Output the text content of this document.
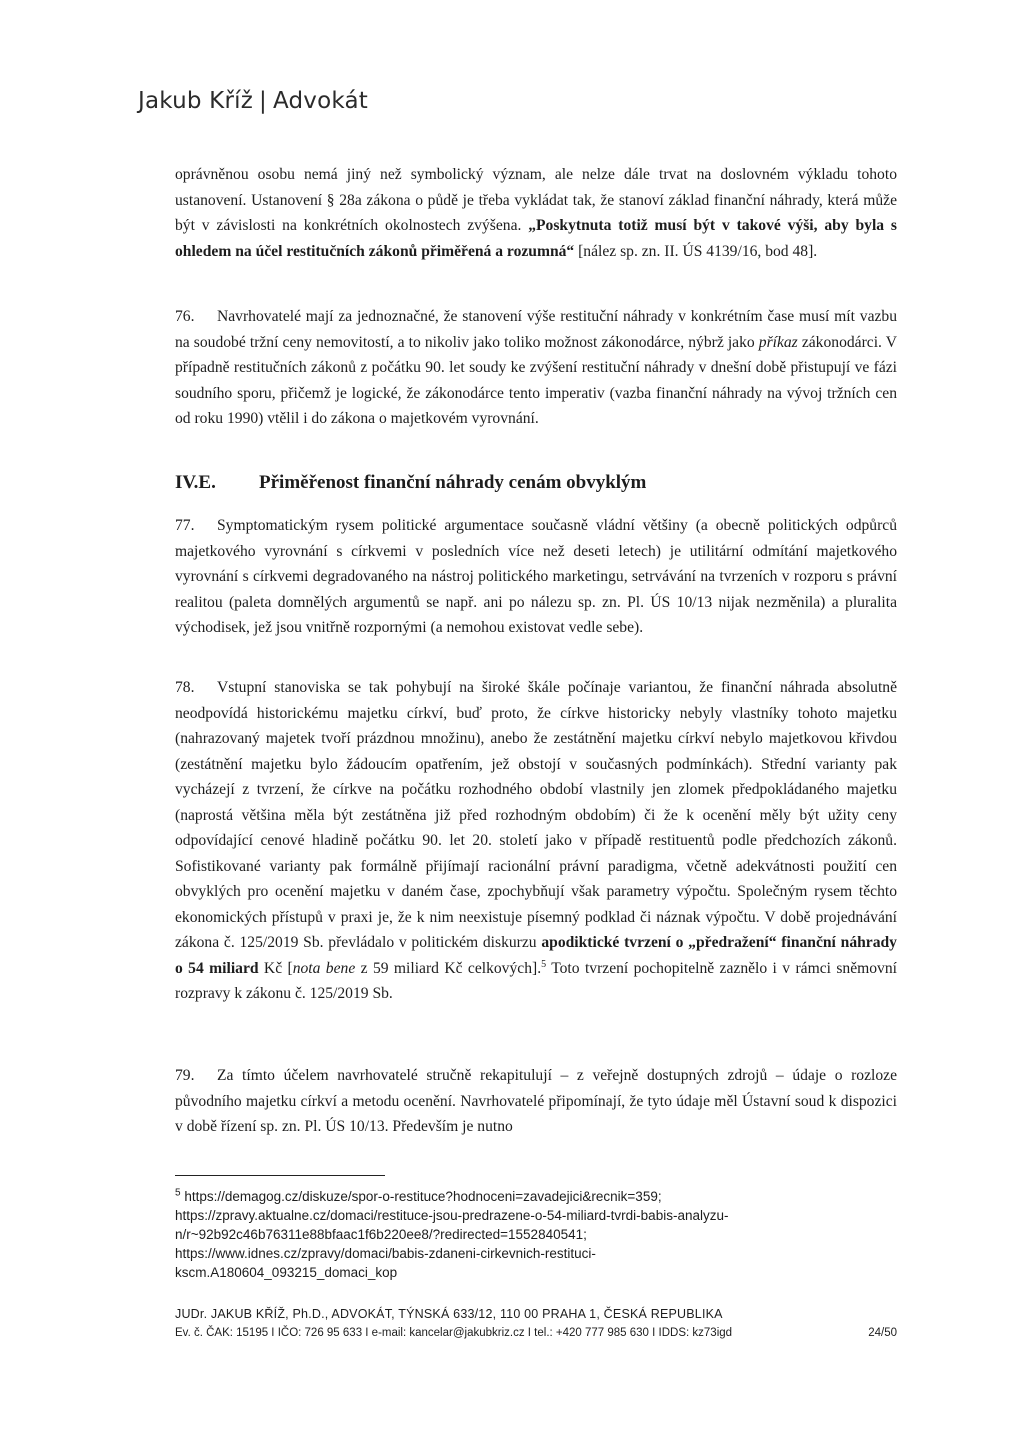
Jakub Kříž | Advokát

oprávněnou osobu nemá jiný než symbolický význam, ale nelze dále trvat na doslovném výkladu tohoto ustanovení. Ustanovení § 28a zákona o půdě je třeba vykládat tak, že stanoví základ finanční náhrady, která může být v závislosti na konkrétních okolnostech zvýšena. „Poskytnuta totiž musí být v takové výši, aby byla s ohledem na účel restitučních zákonů přiměřená a rozumná“ [nález sp. zn. II. ÚS 4139/16, bod 48].

76. Navrhovatelé mají za jednoznačné, že stanovení výše restituční náhrady v konkrétním čase musí mít vazbu na soudobé tržní ceny nemovitostí, a to nikoliv jako toliko možnost zákonodárce, nýbrž jako příkaz zákonodárci. V případně restitučních zákonů z počátku 90. let soudy ke zvýšení restituční náhrady v dnešní době přistupují ve fázi soudního sporu, přičemž je logické, že zákonodárce tento imperativ (vazba finanční náhrady na vývoj tržních cen od roku 1990) vtělil i do zákona o majetkovém vyrovnání.

IV.E. Přiměřenost finanční náhrady cenám obvyklým

77. Symptomatickým rysem politické argumentace současně vládní většiny (a obecně politických odpůrců majetkového vyrovnání s církvemi v posledních více než deseti letech) je utilitární odmítání majetkového vyrovnání s církvemi degradovaného na nástroj politického marketingu, setrvávání na tvrzeních v rozporu s právní realitou (paleta domnělých argumentů se např. ani po nálezu sp. zn. Pl. ÚS 10/13 nijak nezměnila) a pluralita východisek, jež jsou vnitřně rozpornými (a nemohou existovat vedle sebe).

78. Vstupní stanoviska se tak pohybují na široké škále počínaje variantou, že finanční náhrada absolutně neodpovídá historickému majetku církví, buď proto, že církve historicky nebyly vlastníky tohoto majetku (nahrazovaný majetek tvoří prázdnou množinu), anebo že zestátnění majetku církví nebylo majetkovou křivdou (zestátnění majetku bylo žádoucím opatřením, jež obstojí v současných podmínkách). Střední varianty pak vycházejí z tvrzení, že církve na počátku rozhodného období vlastnily jen zlomek předpokládaného majetku (naprostá většina měla být zestátněna již před rozhodným obdobím) či že k ocenění měly být užity ceny odpovídající cenové hladině počátku 90. let 20. století jako v případě restituentů podle předchozích zákonů. Sofistikované varianty pak formálně přijímají racionální právní paradigma, včetně adekvátnosti použití cen obvyklých pro ocenění majetku v daném čase, zpochybňují však parametry výpočtu. Společným rysem těchto ekonomických přístupů v praxi je, že k nim neexistuje písemný podklad či náznak výpočtu. V době projednávání zákona č. 125/2019 Sb. převládalo v politickém diskurzu apodiktické tvrzení o „předražení“ finanční náhrady o 54 miliard Kč [nota bene z 59 miliard Kč celkových].$^5$ Toto tvrzení pochopitelně zaznělo i v rámci sněmovní rozpravy k zákonu č. 125/2019 Sb.

79. Za tímto účelem navrhovatelé stručně rekapitulují – z veřejně dostupných zdrojů – údaje o rozloze původního majetku církví a metodu ocenění. Navrhovatelé připomínají, že tyto údaje měl Ústavní soud k dispozici v době řízení sp. zn. Pl. ÚS 10/13. Především je nutno

$^5$ https://demagog.cz/diskuze/spor-o-restituce?hodnoceni=zavadejici&recnik=359;

https://zpravy.aktualne.cz/domaci/restituce-jsou-predrazene-o-54-miliard-tvrdi-babis-analyzu-

n/r~92b92c46b76311e88bfaac1f6b220ee8/?redirected=1552840541;

https://www.idnes.cz/zpravy/domaci/babis-zdaneni-cirkevnich-restituci-

kscm.A180604_093215_domaci_kop

JUDr. JAKUB KŘÍŽ, Ph.D., ADVOKÁT, TÝNSKÁ 633/12, 110 00 PRAHA 1, ČESKÁ REPUBLIKA
Ev. č. ČAK: 15195 I IČO: 726 95 633 I e-mail: kancelar@jakubkriz.cz I tel.: +420 777 985 630 I IDDS: kz73igd	24/50
